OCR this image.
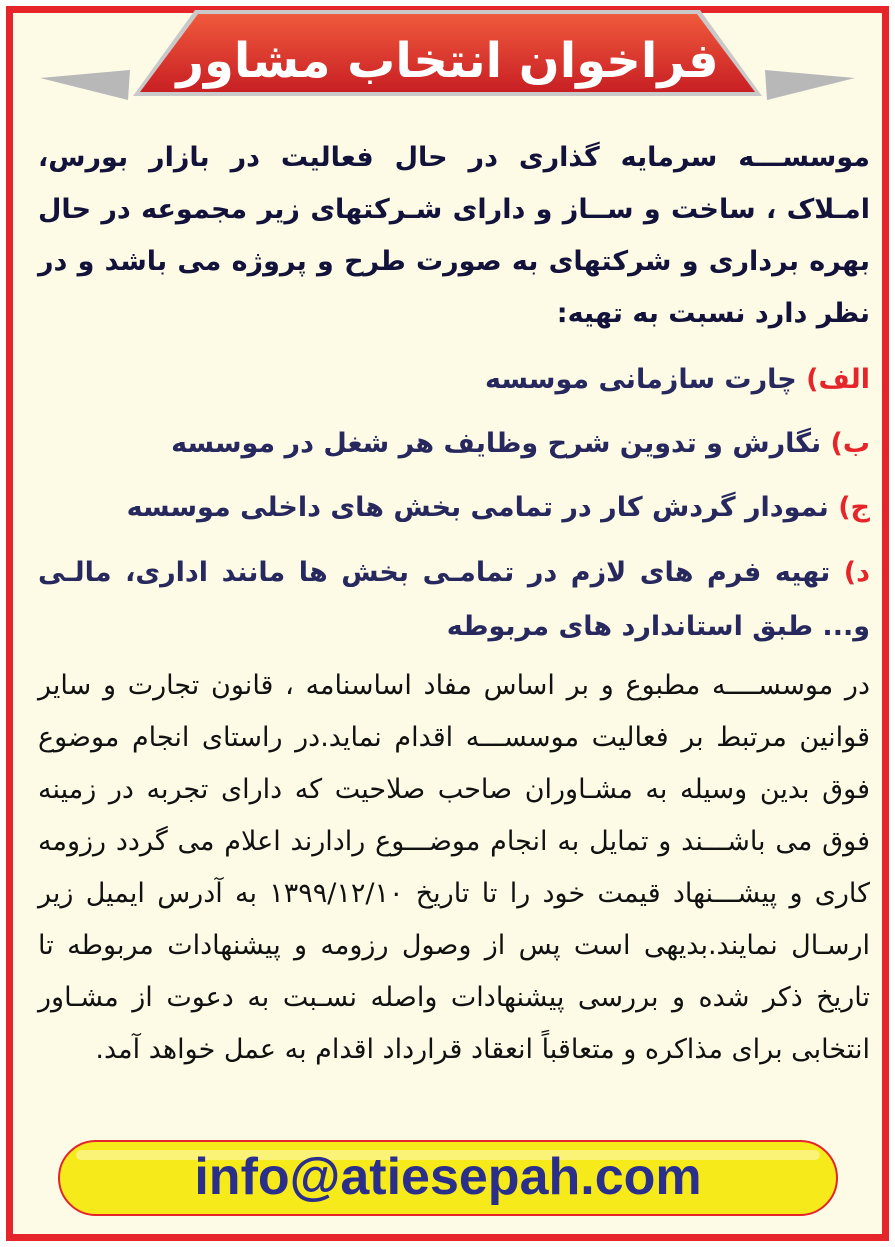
فراخوان انتخاب مشاور

موسســـه سرمایه گذاری در حال فعالیت در بازار بورس، امـلاک ، ساخت و ســاز و دارای شـرکتهای زیر مجموعه در حال بهره برداری و شرکتهای به صورت طرح و پروژه می باشد و در نظر دارد نسبت به تهیه:

الف) چارت سازمانی موسسه
ب) نگارش و تدوین شرح وظایف هر شغل در موسسه
ج) نمودار گردش کار در تمامی بخش های داخلی موسسه
د) تهیه فرم های لازم در تمامـی بخش ها مانند اداری، مالـی و... طبق استاندارد های مربوطه

در موسســــه مطبوع و بر اساس مفاد اساسنامه ، قانون تجارت و سایر قوانین مرتبط بر فعالیت موسســـه اقدام نماید.در راستای انجام موضوع فوق بدین وسیله به مشـاوران صاحب صلاحیت که دارای تجربه در زمینه فوق می باشـــند و تمایل به انجام موضـــوع رادارند اعلام می گردد رزومه کاری و پیشـــنهاد قیمت خود را تا تاریخ ۱۳۹۹/۱۲/۱۰ به آدرس ایمیل زیر ارسـال نمایند.بدیهی است پس از وصول رزومه و پیشنهادات مربوطه تا تاریخ ذکر شده و بررسی پیشنهادات واصله نسـبت به دعوت از مشـاور انتخابی برای مذاکره و متعاقباً انعقاد قرارداد اقدام به عمل خواهد آمد.

info@atiesepah.com
